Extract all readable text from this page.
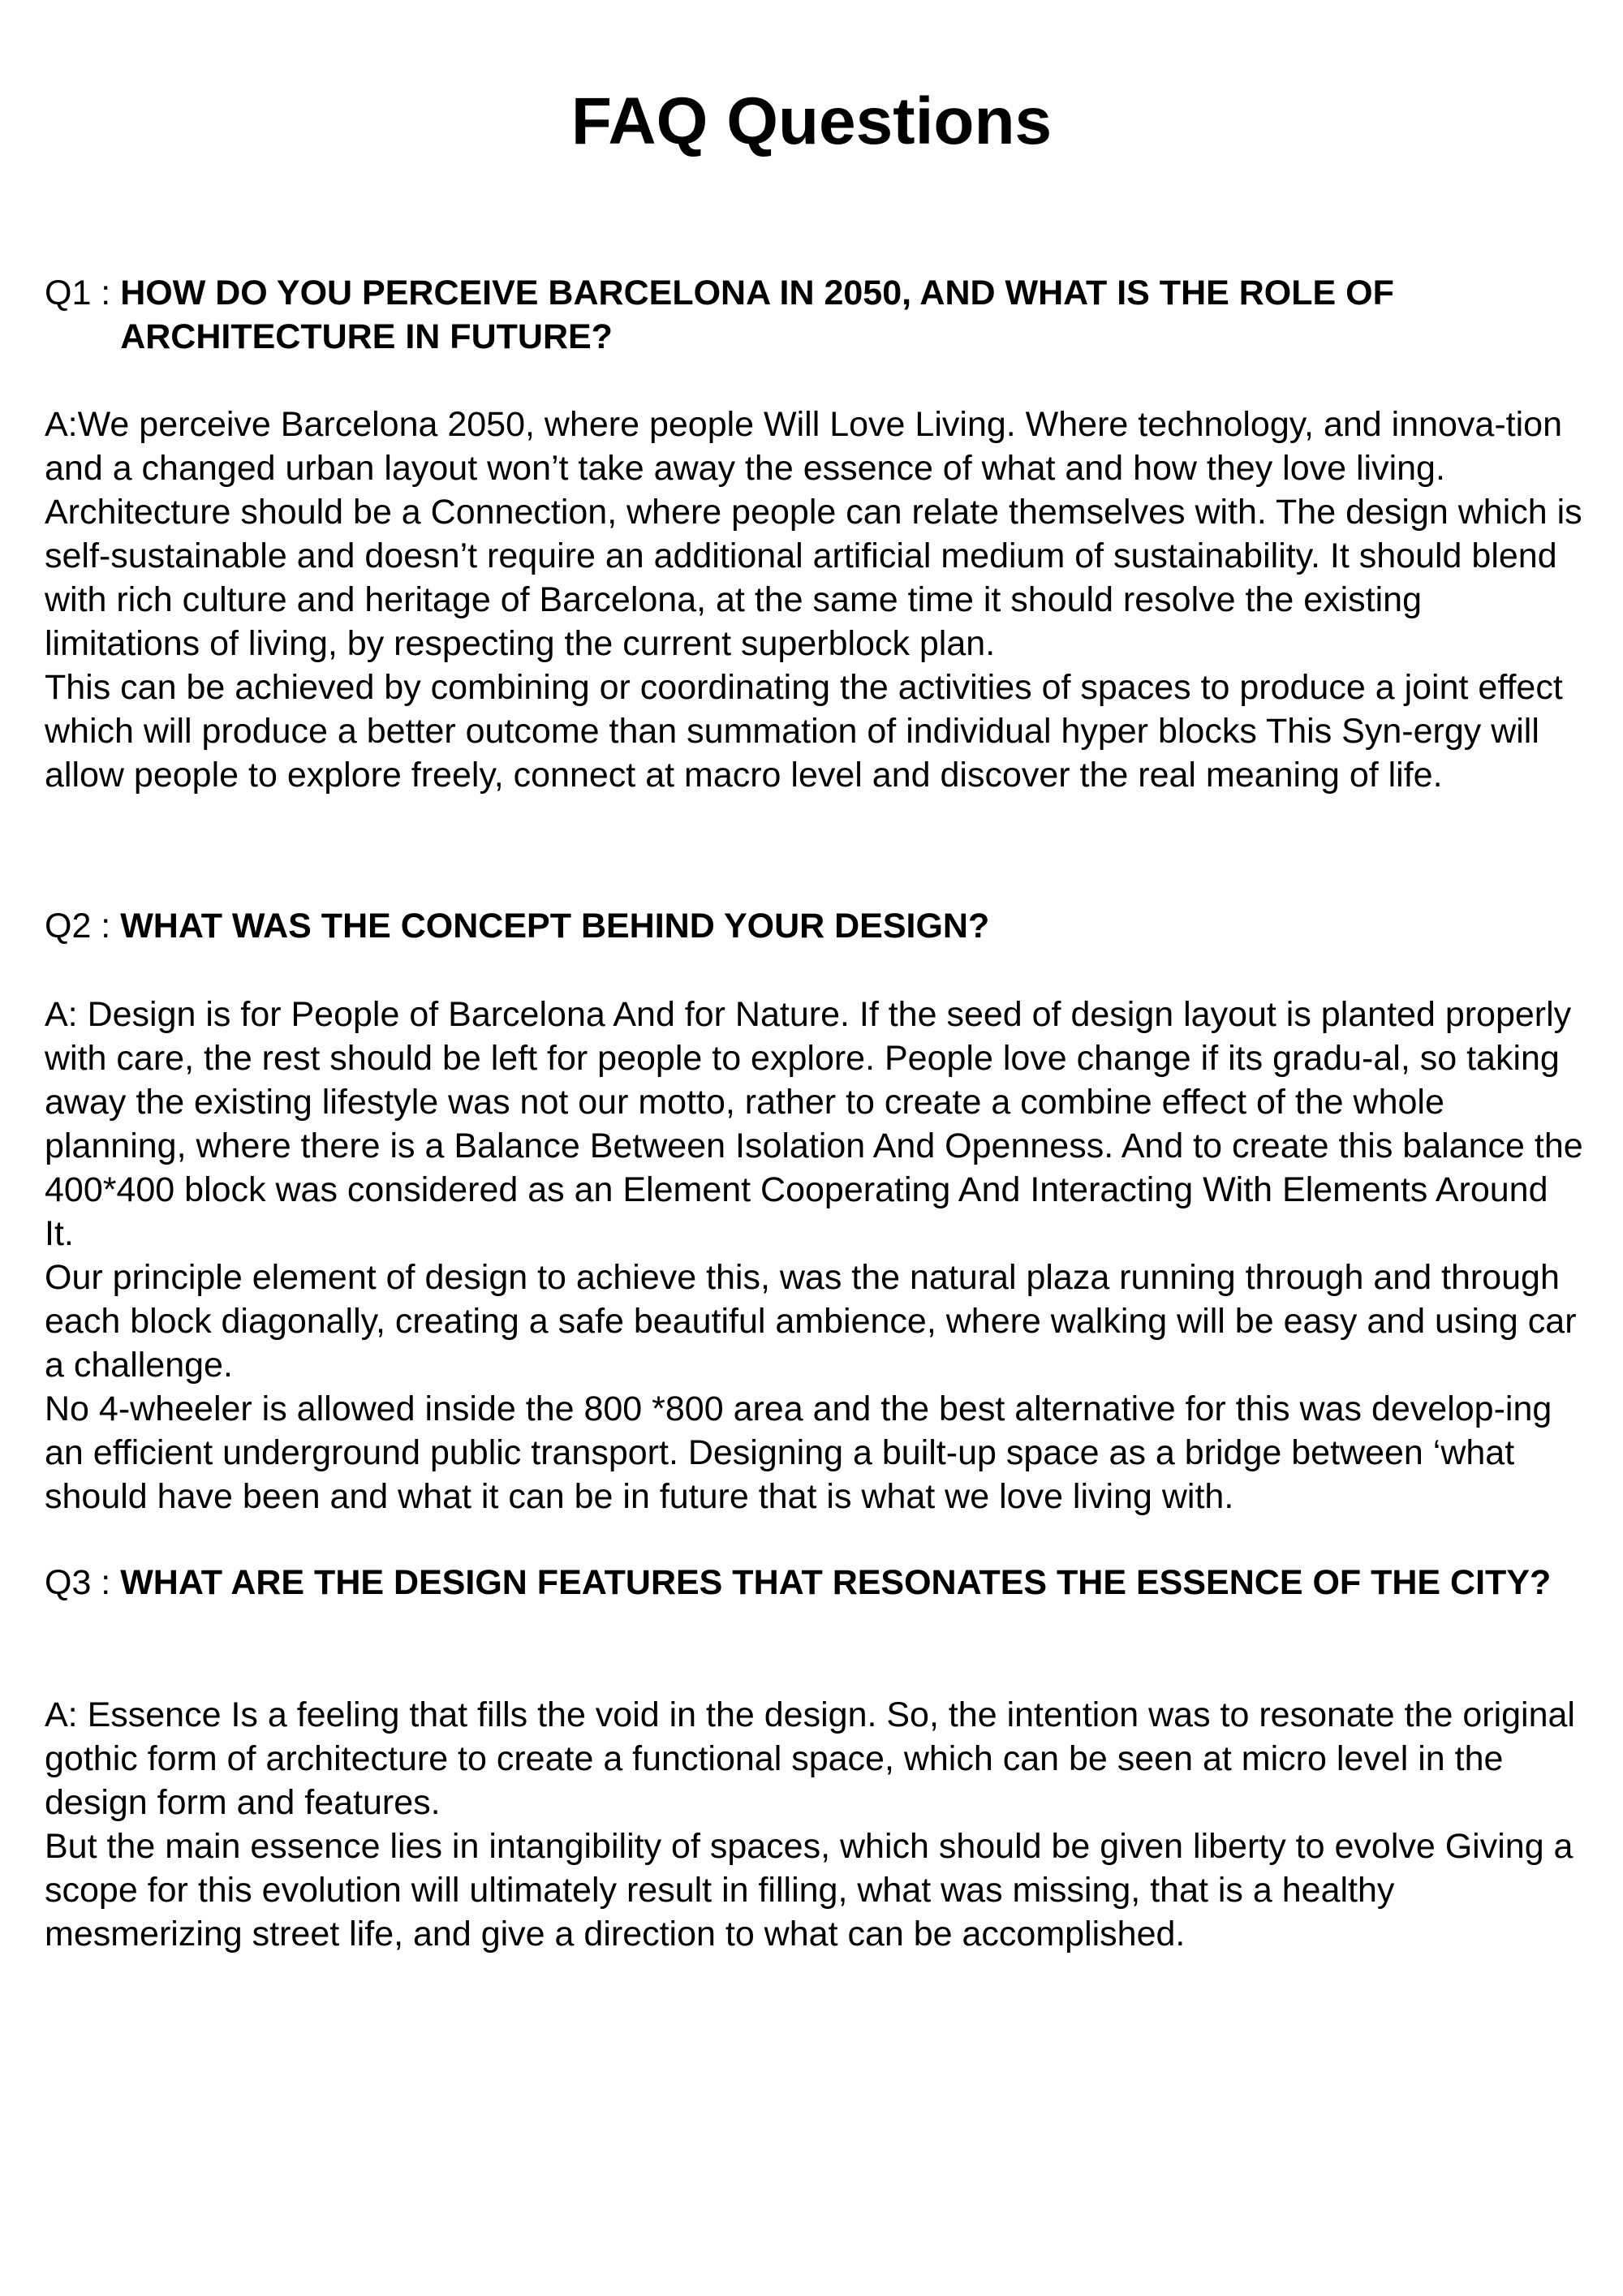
FAQ Questions
Q1 : HOW DO YOU PERCEIVE BARCELONA IN 2050, AND WHAT IS THE ROLE OF ARCHITECTURE IN FUTURE?

A:We perceive Barcelona 2050, where people Will Love Living. Where technology, and innova-tion and a changed urban layout won’t take away the essence of what and how they love living. Architecture should be a Connection, where people can relate themselves with. The design which is self-sustainable and doesn’t require an additional artificial medium of sustainability. It should blend with rich culture and heritage of Barcelona, at the same time it should resolve the existing limitations of living, by respecting the current superblock plan.

This can be achieved by combining or coordinating the activities of spaces to produce a joint effect which will produce a better outcome than summation of individual hyper blocks This Syn-ergy will allow people to explore freely, connect at macro level and discover the real meaning of life.

Q2 : WHAT WAS THE CONCEPT BEHIND YOUR DESIGN?

A: Design is for People of Barcelona And for Nature. If the seed of design layout is planted properly with care, the rest should be left for people to explore. People love change if its gradu-al, so taking away the existing lifestyle was not our motto, rather to create a combine effect of the whole planning, where there is a Balance Between Isolation And Openness. And to create this balance the 400*400 block was considered as an Element Cooperating And Interacting With Elements Around It.

Our principle element of design to achieve this, was the natural plaza running through and through each block diagonally, creating a safe beautiful ambience, where walking will be easy and using car a challenge.

No 4-wheeler is allowed inside the 800 *800 area and the best alternative for this was develop-ing an efficient underground public transport. Designing a built-up space as a bridge between ‘what should have been and what it can be in future that is what we love living with.

Q3 : WHAT ARE THE DESIGN FEATURES THAT RESONATES THE ESSENCE OF THE CITY?

A: Essence Is a feeling that fills the void in the design. So, the intention was to resonate the original gothic form of architecture to create a functional space, which can be seen at micro level in the design form and features.

But the main essence lies in intangibility of spaces, which should be given liberty to evolve Giving a scope for this evolution will ultimately result in filling, what was missing, that is a healthy mesmerizing street life, and give a direction to what can be accomplished.
